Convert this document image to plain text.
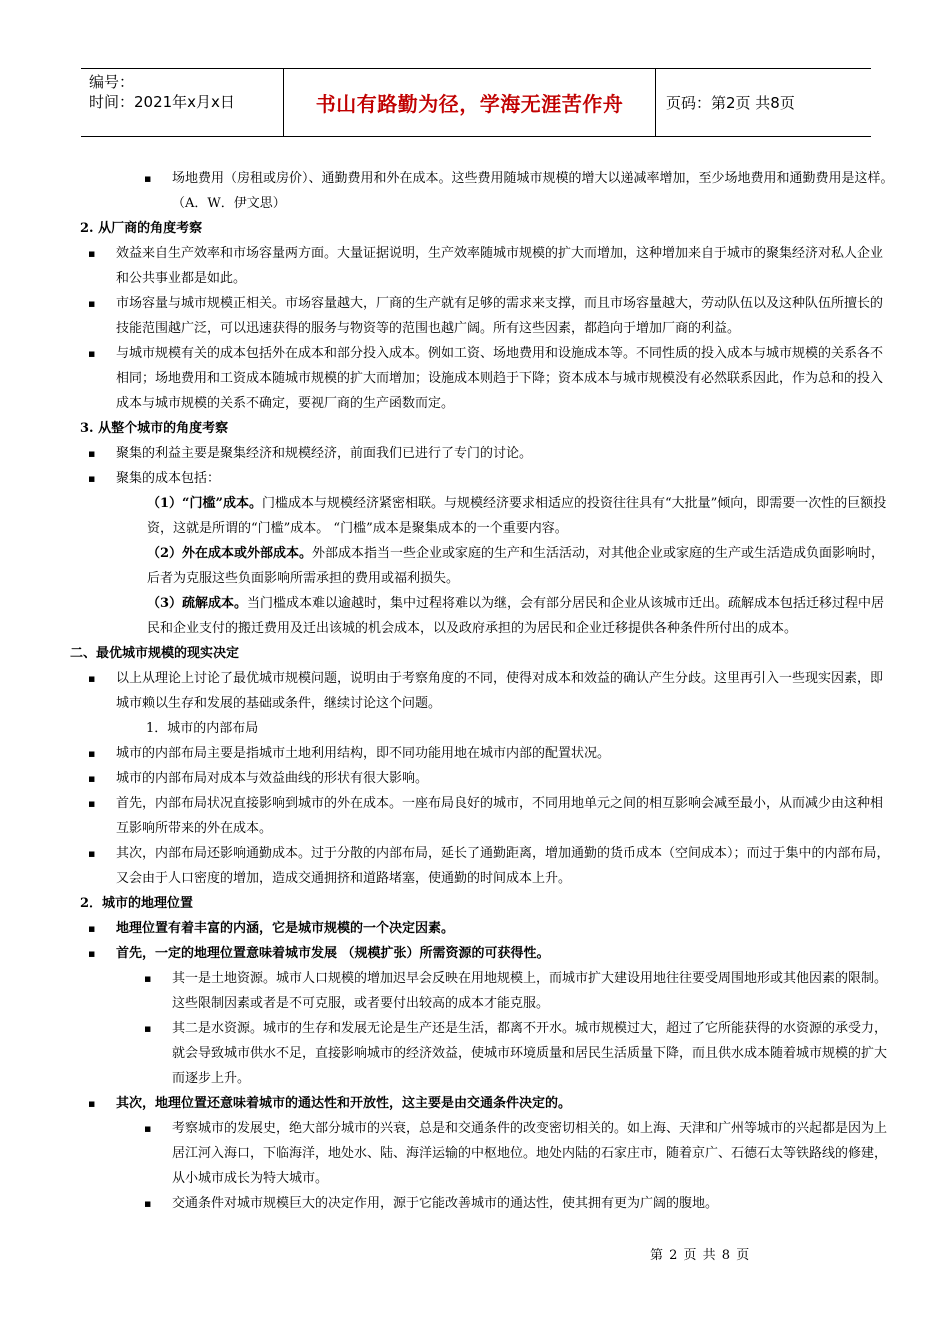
编号：
时间：2021年x月x日	书山有路勤为径，学海无涯苦作舟	页码：第2页 共8页

▪ 场地费用（房租或房价）、通勤费用和外在成本。这些费用随城市规模的增大以递减率增加，至少场地费用和通勤费用是这样。 （A．W．伊文思）

2. 从厂商的角度考察

▪ 效益来自生产效率和市场容量两方面。大量证据说明，生产效率随城市规模的扩大而增加，这种增加来自于城市的聚集经济对私人企业和公共事业都是如此。

▪ 市场容量与城市规模正相关。市场容量越大，厂商的生产就有足够的需求来支撑，而且市场容量越大，劳动队伍以及这种队伍所擅长的技能范围越广泛，可以迅速获得的服务与物资等的范围也越广阔。所有这些因素，都趋向于增加厂商的利益。

▪ 与城市规模有关的成本包括外在成本和部分投入成本。例如工资、场地费用和设施成本等。不同性质的投入成本与城市规模的关系各不相同；场地费用和工资成本随城市规模的扩大而增加；设施成本则趋于下降；资本成本与城市规模没有必然联系因此，作为总和的投入成本与城市规模的关系不确定，要视厂商的生产函数而定。

3. 从整个城市的角度考察

▪ 聚集的利益主要是聚集经济和规模经济，前面我们已进行了专门的讨论。

▪ 聚集的成本包括：

（1）“门槛”成本。门槛成本与规模经济紧密相联。与规模经济要求相适应的投资往往具有“大批量”倾向，即需要一次性的巨额投资，这就是所谓的“门槛”成本。 “门槛”成本是聚集成本的一个重要内容。

（2）外在成本或外部成本。外部成本指当一些企业或家庭的生产和生活活动，对其他企业或家庭的生产或生活造成负面影响时，后者为克服这些负面影响所需承担的费用或福利损失。

（3）疏解成本。当门槛成本难以逾越时，集中过程将难以为继，会有部分居民和企业从该城市迁出。疏解成本包括迁移过程中居民和企业支付的搬迁费用及迁出该城的机会成本，以及政府承担的为居民和企业迁移提供各种条件所付出的成本。

二、最优城市规模的现实决定

▪ 以上从理论上讨论了最优城市规模问题，说明由于考察角度的不同，使得对成本和效益的确认产生分歧。这里再引入一些现实因素，即城市赖以生存和发展的基础或条件，继续讨论这个问题。

1．城市的内部布局

▪ 城市的内部布局主要是指城市土地利用结构，即不同功能用地在城市内部的配置状况。

▪ 城市的内部布局对成本与效益曲线的形状有很大影响。

▪ 首先，内部布局状况直接影响到城市的外在成本。一座布局良好的城市，不同用地单元之间的相互影响会减至最小，从而减少由这种相互影响所带来的外在成本。

▪ 其次，内部布局还影响通勤成本。过于分散的内部布局，延长了通勤距离，增加通勤的货币成本（空间成本）；而过于集中的内部布局，又会由于人口密度的增加，造成交通拥挤和道路堵塞，使通勤的时间成本上升。

2．城市的地理位置

▪ 地理位置有着丰富的内涵，它是城市规模的一个决定因素。

▪ 首先，一定的地理位置意味着城市发展 （规模扩张）所需资源的可获得性。

▪ 其一是土地资源。城市人口规模的增加迟早会反映在用地规模上，而城市扩大建设用地往往要受周围地形或其他因素的限制。这些限制因素或者是不可克服，或者要付出较高的成本才能克服。

▪ 其二是水资源。城市的生存和发展无论是生产还是生活，都离不开水。城市规模过大，超过了它所能获得的水资源的承受力，就会导致城市供水不足，直接影响城市的经济效益，使城市环境质量和居民生活质量下降，而且供水成本随着城市规模的扩大而逐步上升。

▪ 其次，地理位置还意味着城市的通达性和开放性，这主要是由交通条件决定的。

▪ 考察城市的发展史，绝大部分城市的兴衰，总是和交通条件的改变密切相关的。如上海、天津和广州等城市的兴起都是因为上居江河入海口，下临海洋，地处水、陆、海洋运输的中枢地位。地处内陆的石家庄市，随着京广、石德石太等铁路线的修建，从小城市成长为特大城市。

▪ 交通条件对城市规模巨大的决定作用，源于它能改善城市的通达性，使其拥有更为广阔的腹地。

第 2 页 共 8 页
